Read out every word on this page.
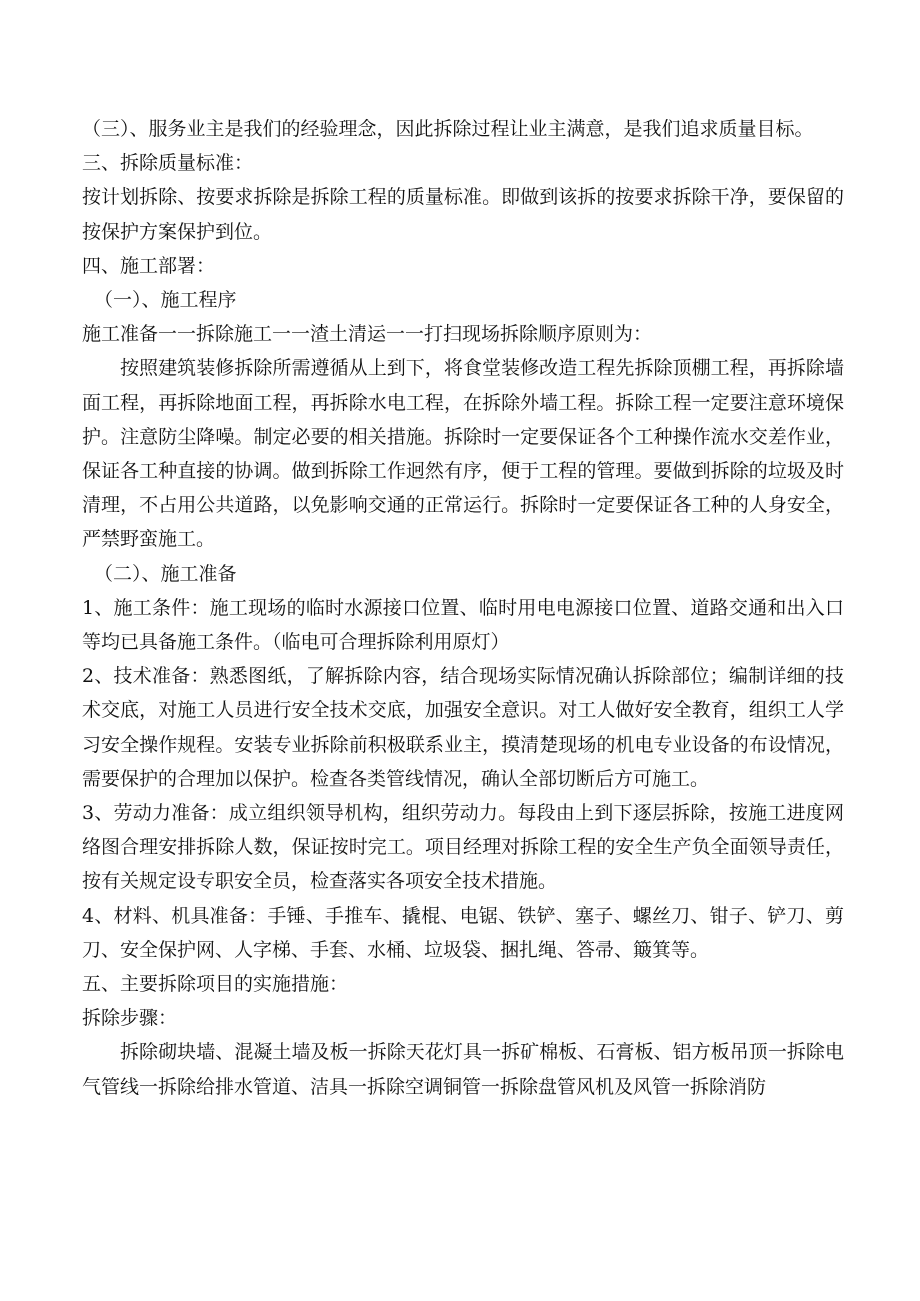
（三）、服务业主是我们的经验理念，因此拆除过程让业主满意，是我们追求质量目标。

三、拆除质量标准：

按计划拆除、按要求拆除是拆除工程的质量标准。即做到该拆的按要求拆除干净，要保留的按保护方案保护到位。

四、施工部署：

（一）、施工程序

施工准备一一拆除施工一一渣土清运一一打扫现场拆除顺序原则为：

按照建筑装修拆除所需遵循从上到下，将食堂装修改造工程先拆除顶棚工程，再拆除墙面工程，再拆除地面工程，再拆除水电工程，在拆除外墙工程。拆除工程一定要注意环境保护。注意防尘降噪。制定必要的相关措施。拆除时一定要保证各个工种操作流水交差作业，保证各工种直接的协调。做到拆除工作迥然有序，便于工程的管理。要做到拆除的垃圾及时清理，不占用公共道路，以免影响交通的正常运行。拆除时一定要保证各工种的人身安全，严禁野蛮施工。

（二）、施工准备

1、施工条件：施工现场的临时水源接口位置、临时用电电源接口位置、道路交通和出入口等均已具备施工条件。（临电可合理拆除利用原灯）

2、技术准备：熟悉图纸，了解拆除内容，结合现场实际情况确认拆除部位；编制详细的技术交底，对施工人员进行安全技术交底，加强安全意识。对工人做好安全教育，组织工人学习安全操作规程。安装专业拆除前积极联系业主，摸清楚现场的机电专业设备的布设情况，需要保护的合理加以保护。检查各类管线情况，确认全部切断后方可施工。

3、劳动力准备：成立组织领导机构，组织劳动力。每段由上到下逐层拆除，按施工进度网络图合理安排拆除人数，保证按时完工。项目经理对拆除工程的安全生产负全面领导责任，按有关规定设专职安全员，检查落实各项安全技术措施。

4、材料、机具准备：手锤、手推车、撬棍、电锯、铁铲、塞子、螺丝刀、钳子、铲刀、剪刀、安全保护网、人字梯、手套、水桶、垃圾袋、捆扎绳、答帚、簸箕等。

五、主要拆除项目的实施措施：

拆除步骤：

拆除砌块墙、混凝土墙及板一拆除天花灯具一拆矿棉板、石膏板、铝方板吊顶一拆除电气管线一拆除给排水管道、洁具一拆除空调铜管一拆除盘管风机及风管一拆除消防
